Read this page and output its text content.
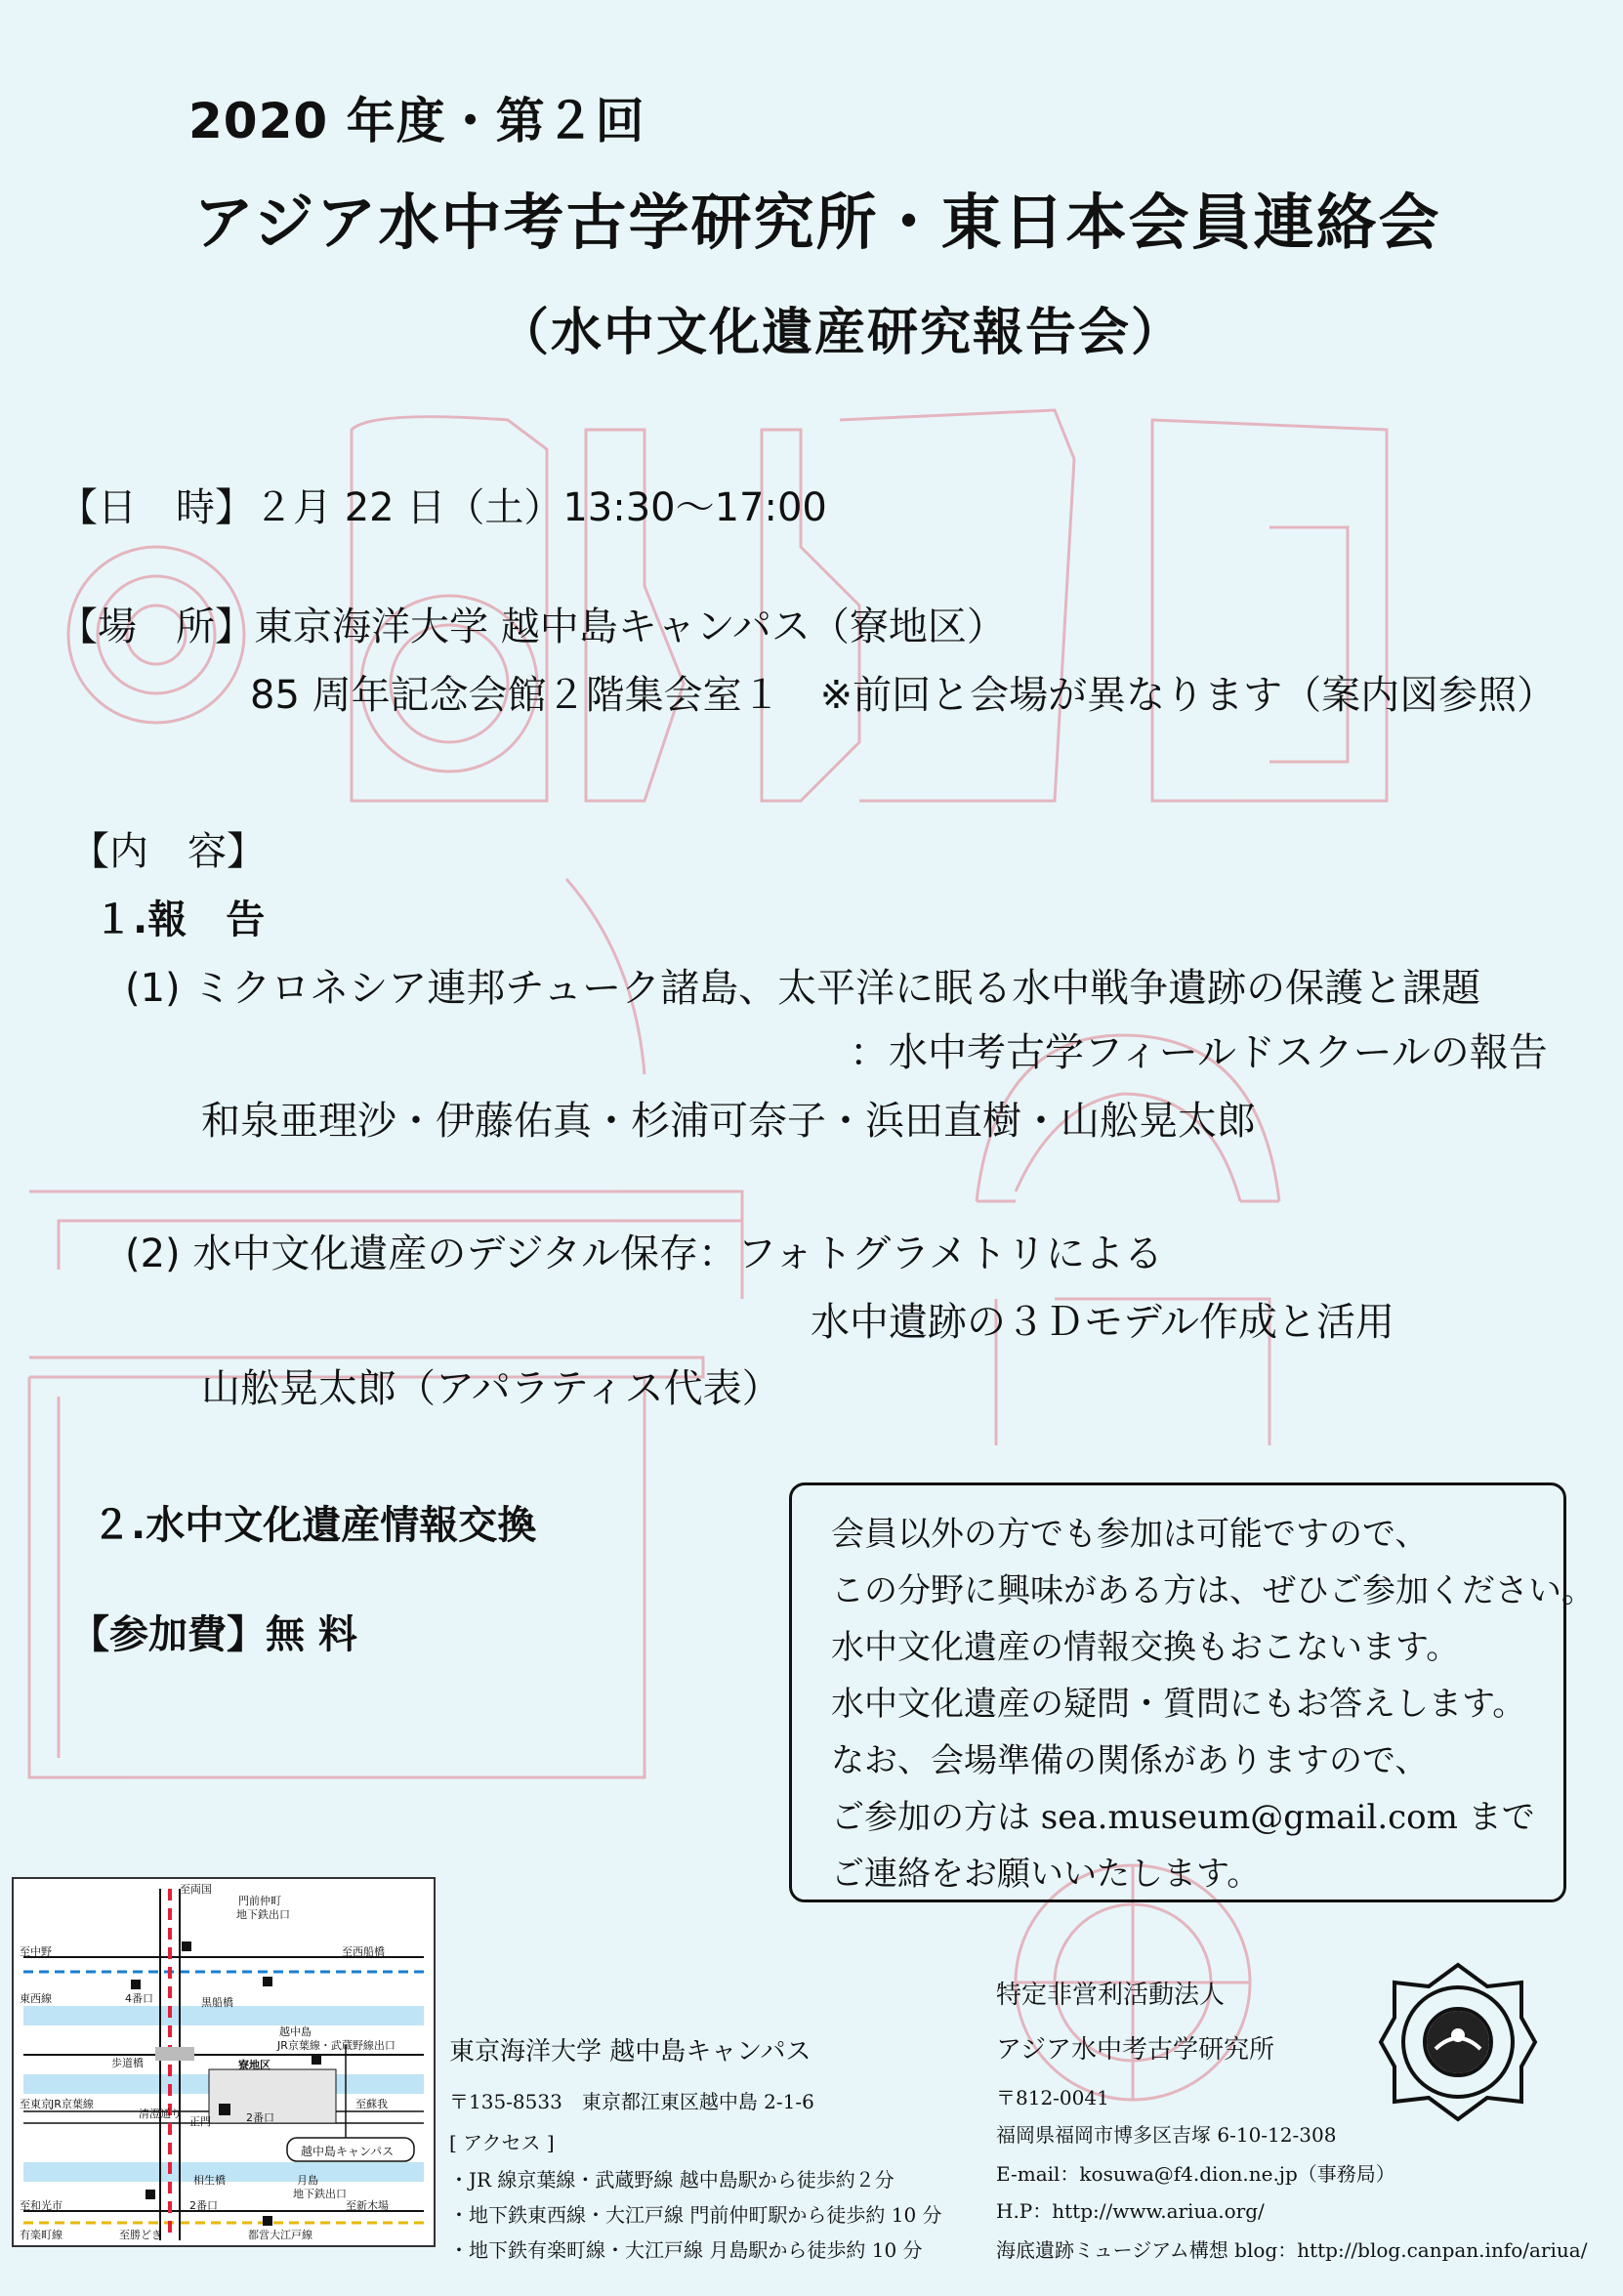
2020 年度・第２回
アジア水中考古学研究所・東日本会員連絡会
（水中文化遺産研究報告会）
【日　時】２月 22 日（土）13:30〜17:00
【場　所】東京海洋大学 越中島キャンパス（寮地区）
85 周年記念会館２階集会室１　※前回と会場が異なります（案内図参照）
【内　容】
１.報　告
(1) ミクロネシア連邦チューク諸島、太平洋に眠る水中戦争遺跡の保護と課題
：水中考古学フィールドスクールの報告
和泉亜理沙・伊藤佑真・杉浦可奈子・浜田直樹・山舩晃太郎
(2) 水中文化遺産のデジタル保存：フォトグラメトリによる
水中遺跡の３Ｄモデル作成と活用
山舩晃太郎（アパラティス代表）
２.水中文化遺産情報交換
【参加費】無 料
会員以外の方でも参加は可能ですので、
この分野に興味がある方は、ぜひご参加ください。
水中文化遺産の情報交換もおこないます。
水中文化遺産の疑問・質問にもお答えします。
なお、会場準備の関係がありますので、
ご参加の方は sea.museum@gmail.com まで
ご連絡をお願いいたします。
至両国
門前仲町
地下鉄出口
至中野	至西船橋
東西線	4番口	黒船橋
越中島
JR京葉線・武蔵野線出口
歩道橋	寮地区
至東京	至蘇我
JR京葉線
清澄通り
正門	2番口
越中島キャンパス
相生橋	月島
地下鉄出口
至和光市	至新木場
2番口
有楽町線	至勝どき	都営大江戸線
東京海洋大学 越中島キャンパス
〒135-8533　東京都江東区越中島 2-1-6
[ アクセス ]
・JR 線京葉線・武蔵野線 越中島駅から徒歩約２分
・地下鉄東西線・大江戸線 門前仲町駅から徒歩約 10 分
・地下鉄有楽町線・大江戸線 月島駅から徒歩約 10 分
特定非営利活動法人
アジア水中考古学研究所
〒812-0041
福岡県福岡市博多区吉塚 6-10-12-308
E-mail：kosuwa@f4.dion.ne.jp（事務局）
H.P：http://www.ariua.org/
海底遺跡ミュージアム構想 blog：http://blog.canpan.info/ariua/
